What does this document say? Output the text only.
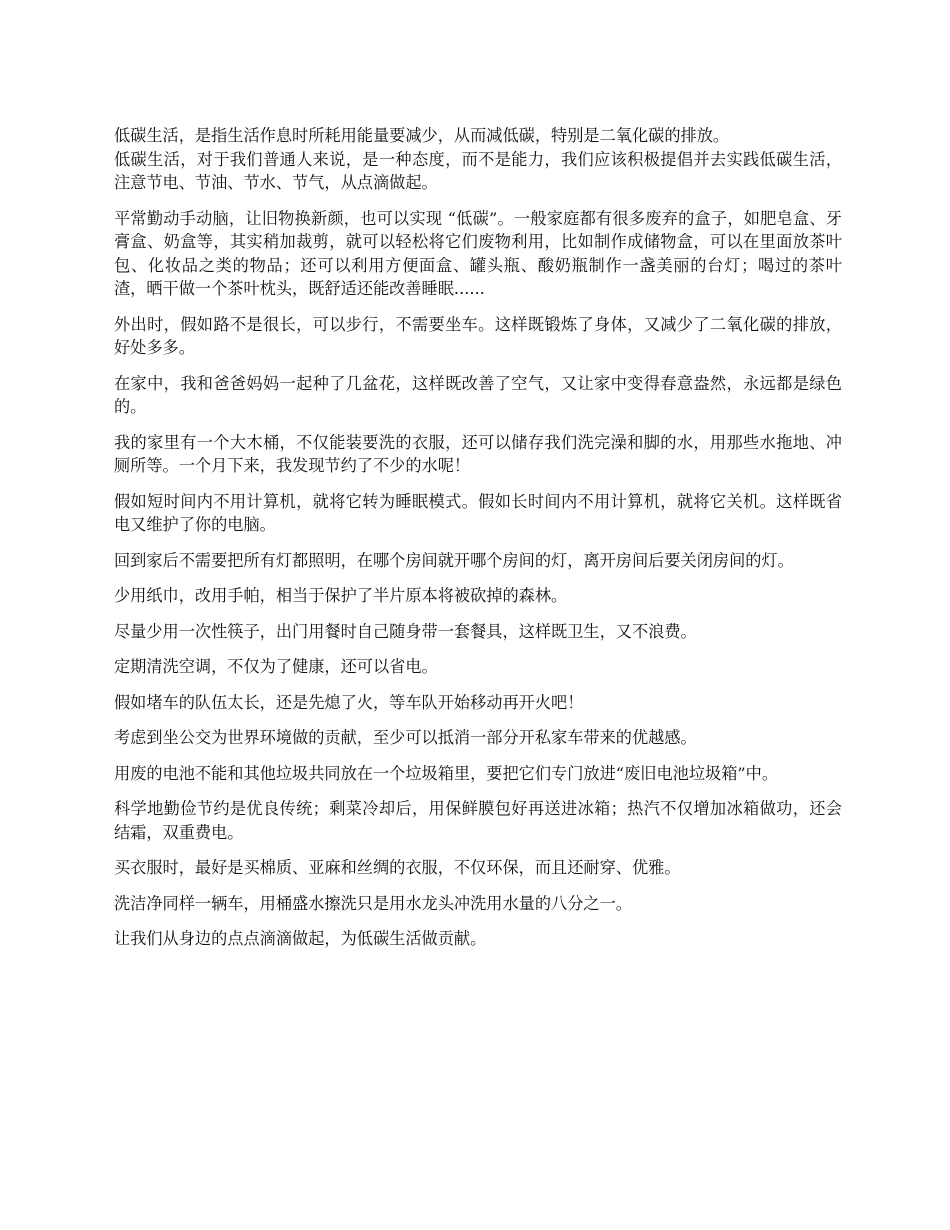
低碳生活，是指生活作息时所耗用能量要减少，从而减低碳，特别是二氧化碳的排放。

低碳生活，对于我们普通人来说，是一种态度，而不是能力，我们应该积极提倡并去实践低碳生活，注意节电、节油、节水、节气，从点滴做起。

平常勤动手动脑，让旧物换新颜，也可以实现 “低碳”。一般家庭都有很多废弃的盒子，如肥皂盒、牙膏盒、奶盒等，其实稍加裁剪，就可以轻松将它们废物利用，比如制作成储物盒，可以在里面放茶叶包、化妆品之类的物品；还可以利用方便面盒、罐头瓶、酸奶瓶制作一盏美丽的台灯；喝过的茶叶渣，晒干做一个茶叶枕头，既舒适还能改善睡眠......

外出时，假如路不是很长，可以步行，不需要坐车。这样既锻炼了身体，又减少了二氧化碳的排放，好处多多。

在家中，我和爸爸妈妈一起种了几盆花，这样既改善了空气，又让家中变得春意盎然，永远都是绿色的。

我的家里有一个大木桶，不仅能装要洗的衣服，还可以储存我们洗完澡和脚的水，用那些水拖地、冲厕所等。一个月下来，我发现节约了不少的水呢！

假如短时间内不用计算机，就将它转为睡眠模式。假如长时间内不用计算机，就将它关机。这样既省电又维护了你的电脑。

回到家后不需要把所有灯都照明，在哪个房间就开哪个房间的灯，离开房间后要关闭房间的灯。

少用纸巾，改用手帕，相当于保护了半片原本将被砍掉的森林。

尽量少用一次性筷子，出门用餐时自己随身带一套餐具，这样既卫生，又不浪费。

定期清洗空调，不仅为了健康，还可以省电。

假如堵车的队伍太长，还是先熄了火，等车队开始移动再开火吧！

考虑到坐公交为世界环境做的贡献，至少可以抵消一部分开私家车带来的优越感。

用废的电池不能和其他垃圾共同放在一个垃圾箱里，要把它们专门放进“废旧电池垃圾箱”中。

科学地勤俭节约是优良传统；剩菜冷却后，用保鲜膜包好再送进冰箱；热汽不仅增加冰箱做功，还会结霜，双重费电。

买衣服时，最好是买棉质、亚麻和丝绸的衣服，不仅环保，而且还耐穿、优雅。

洗洁净同样一辆车，用桶盛水擦洗只是用水龙头冲洗用水量的八分之一。

让我们从身边的点点滴滴做起，为低碳生活做贡献。
